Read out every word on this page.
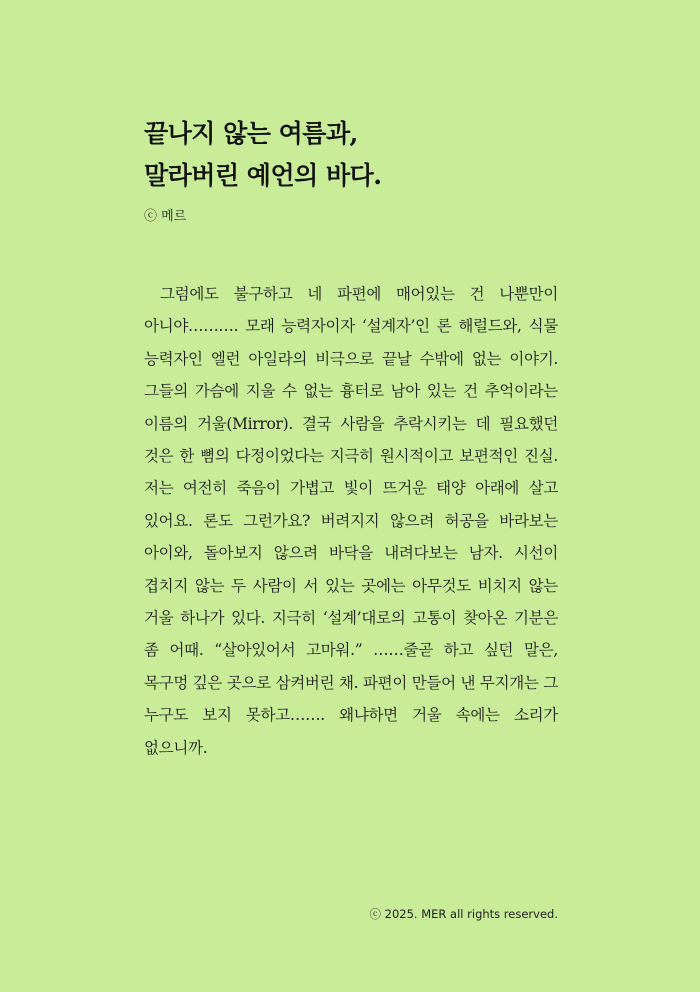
끝나지 않는 여름과,
말라버린 예언의 바다.
ⓒ 메르

그럼에도 불구하고 네 파편에 매어있는 건 나뿐만이 아니야………. 모래 능력자이자 ‘설계자’인 론 해럴드와, 식물 능력자인 엘런 아일라의 비극으로 끝날 수밖에 없는 이야기. 그들의 가슴에 지울 수 없는 흉터로 남아 있는 건 추억이라는 이름의 거울(Mirror). 결국 사람을 추락시키는 데 필요했던 것은 한 뼘의 다정이었다는 지극히 원시적이고 보편적인 진실. 저는 여전히 죽음이 가볍고 빛이 뜨거운 태양 아래에 살고 있어요. 론도 그런가요? 버려지지 않으려 허공을 바라보는 아이와, 돌아보지 않으려 바닥을 내려다보는 남자. 시선이 겹치지 않는 두 사람이 서 있는 곳에는 아무것도 비치지 않는 거울 하나가 있다. 지극히 ‘설계’대로의 고통이 찾아온 기분은 좀 어때. “살아있어서 고마워.” ……줄곧 하고 싶던 말은, 목구멍 깊은 곳으로 삼켜버린 채. 파편이 만들어 낸 무지개는 그 누구도 보지 못하고……. 왜냐하면 거울 속에는 소리가 없으니까.

ⓒ 2025. MER all rights reserved.
